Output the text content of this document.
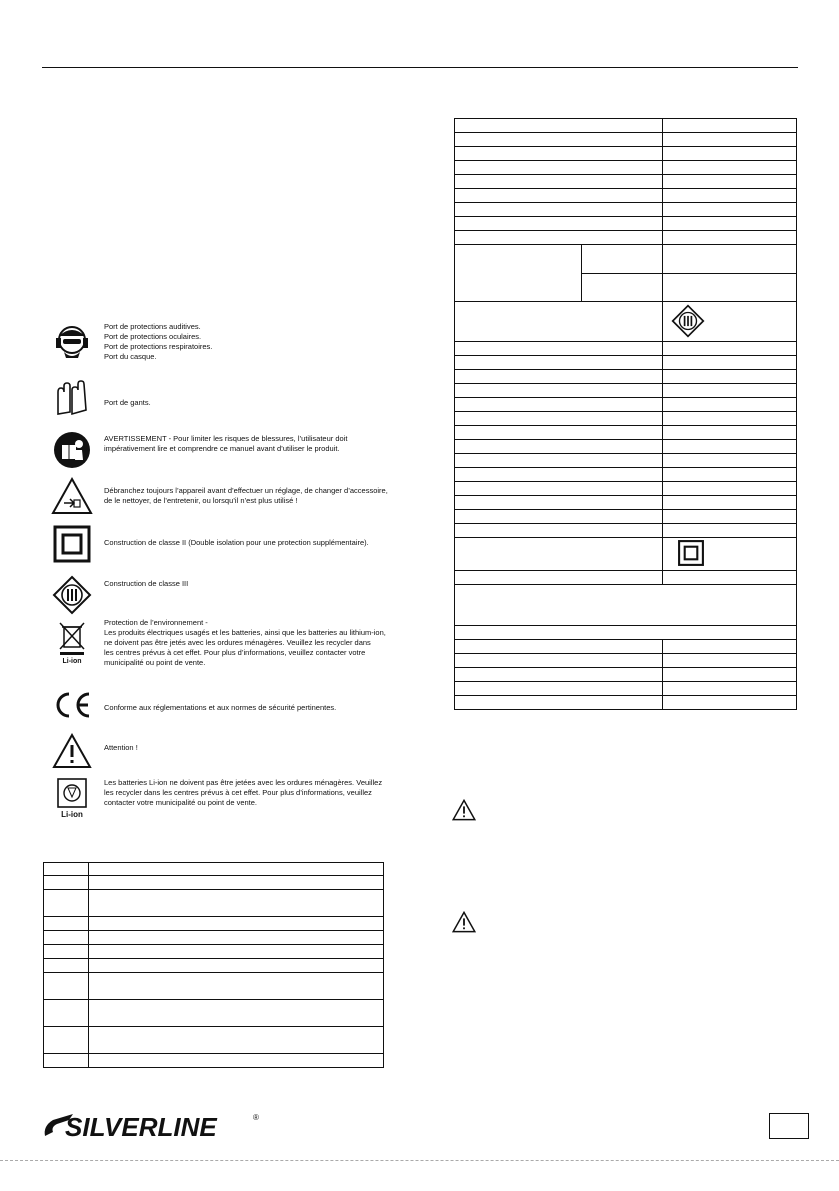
Port de protections auditives.
Port de protections oculaires.
Port de protections respiratoires.
Port du casque.
Port de gants.
AVERTISSEMENT - Pour limiter les risques de blessures, l’utilisateur doit
impérativement lire et comprendre ce manuel avant d’utiliser le produit.
Débranchez toujours l’appareil avant d’effectuer un réglage, de changer d’accessoire,
de le nettoyer, de l’entretenir, ou lorsqu’il n’est plus utilisé !
Construction de classe II (Double isolation pour une protection supplémentaire).
Construction de classe III
Li-ion
Protection de l’environnement -
Les produits électriques usagés et les batteries, ainsi que les batteries au lithium-ion,
ne doivent pas être jetés avec les ordures ménagères. Veuillez les recycler dans
les centres prévus à cet effet. Pour plus d’informations, veuillez contacter votre
municipalité ou point de vente.
Conforme aux réglementations et aux normes de sécurité pertinentes.
Attention !
Li-ion
Les batteries Li-ion ne doivent pas être jetées avec les ordures ménagères. Veuillez
les recycler dans les centres prévus à cet effet. Pour plus d’informations, veuillez
contacter votre municipalité ou point de vente.

SILVERLINE	®
